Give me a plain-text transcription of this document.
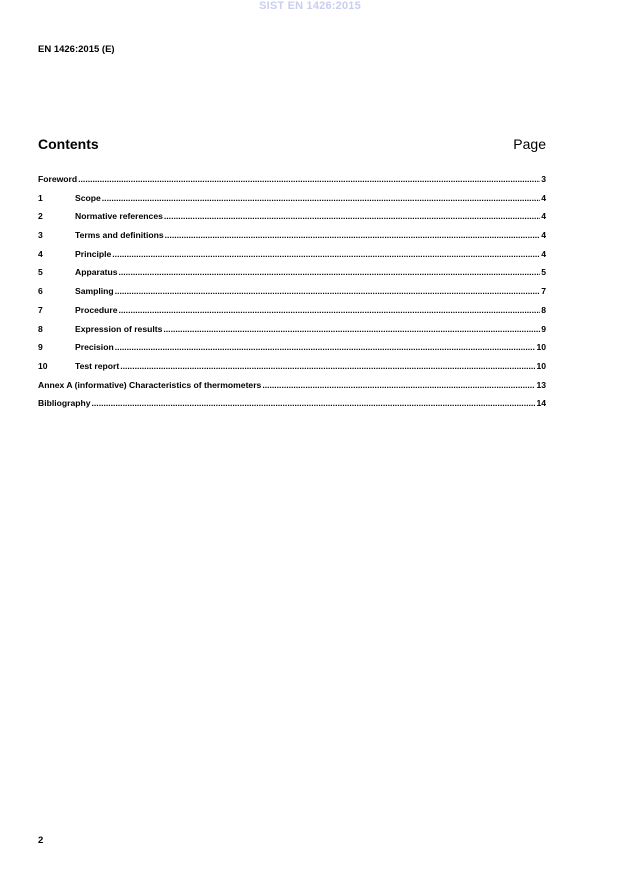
SIST EN 1426:2015
EN 1426:2015 (E)
Contents	Page
Foreword .....	3
1	Scope .....	4
2	Normative references .....	4
3	Terms and definitions .....	4
4	Principle .....	4
5	Apparatus .....	5
6	Sampling .....	7
7	Procedure .....	8
8	Expression of results .....	9
9	Precision .....	10
10	Test report .....	10
Annex A (informative) Characteristics of thermometers .....	13
Bibliography .....	14
2
